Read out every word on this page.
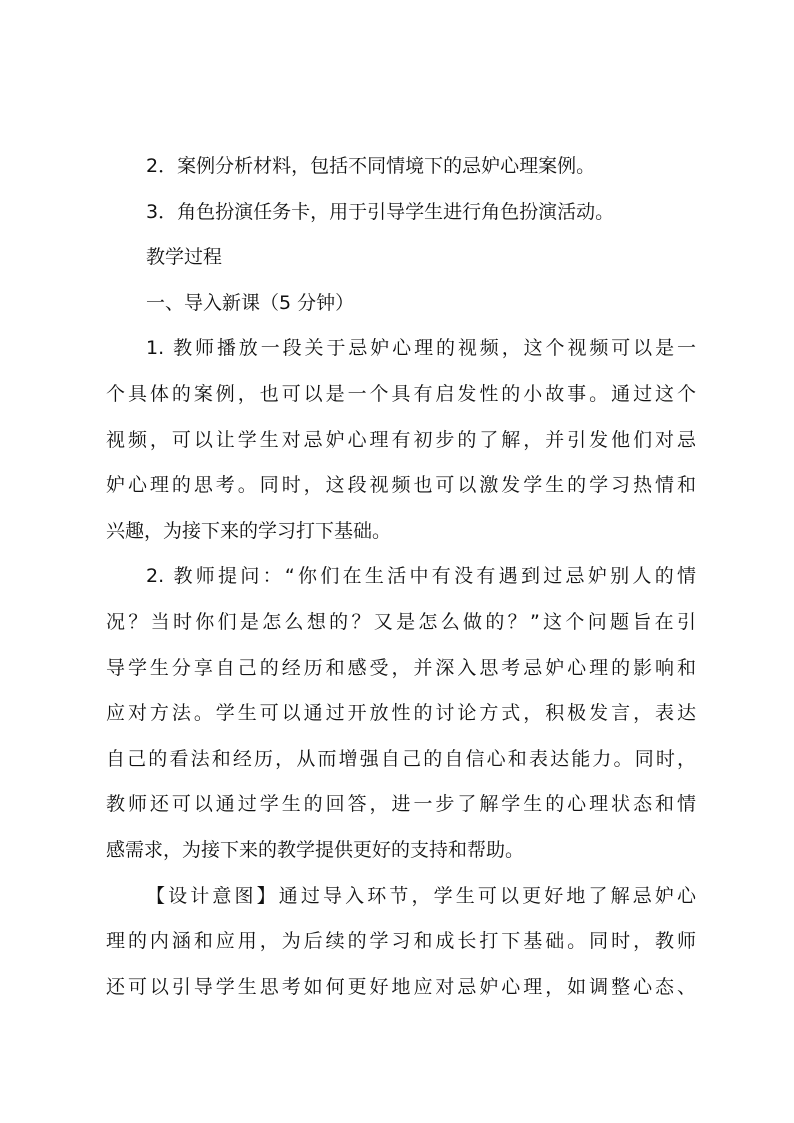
2．案例分析材料，包括不同情境下的忌妒心理案例。
3．角色扮演任务卡，用于引导学生进行角色扮演活动。
教学过程
一、导入新课（5 分钟）
1. 教师播放一段关于忌妒心理的视频，这个视频可以是一
个具体的案例，也可以是一个具有启发性的小故事。通过这个
视频，可以让学生对忌妒心理有初步的了解，并引发他们对忌
妒心理的思考。同时，这段视频也可以激发学生的学习热情和
兴趣，为接下来的学习打下基础。
2. 教师提问：“你们在生活中有没有遇到过忌妒别人的情
况？当时你们是怎么想的？又是怎么做的？”这个问题旨在引
导学生分享自己的经历和感受，并深入思考忌妒心理的影响和
应对方法。学生可以通过开放性的讨论方式，积极发言，表达
自己的看法和经历，从而增强自己的自信心和表达能力。同时，
教师还可以通过学生的回答，进一步了解学生的心理状态和情
感需求，为接下来的教学提供更好的支持和帮助。
【设计意图】通过导入环节，学生可以更好地了解忌妒心
理的内涵和应用，为后续的学习和成长打下基础。同时，教师
还可以引导学生思考如何更好地应对忌妒心理，如调整心态、
